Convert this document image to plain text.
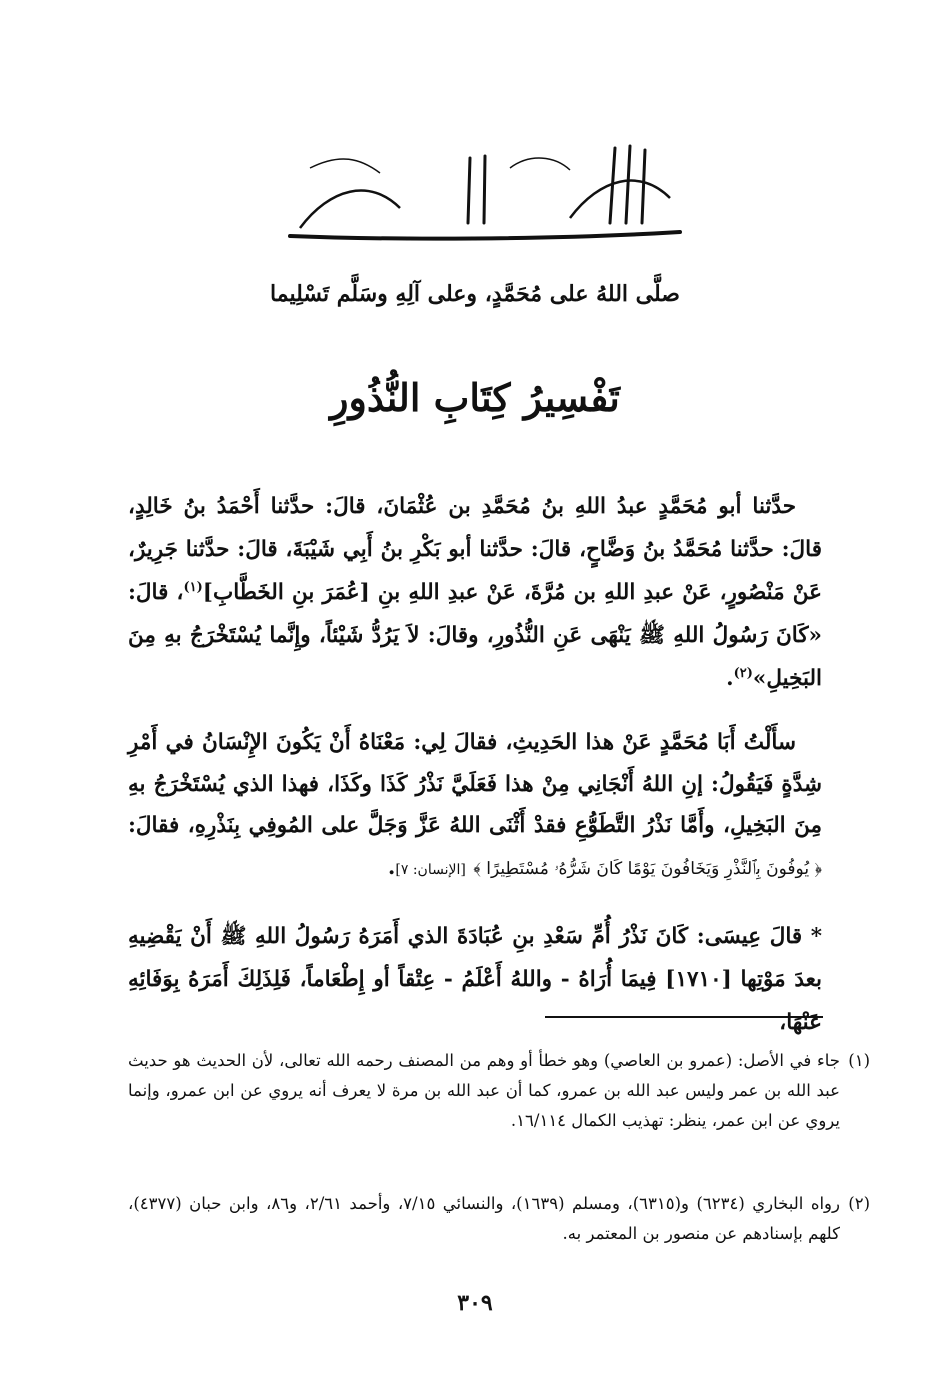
صلَّى اللهُ على مُحَمَّدٍ، وعلى آلِهِ وسَلَّم تَسْلِيما
تَفْسِيرُ كِتَابِ النُّذُورِ
حدَّثنا أبو مُحَمَّدٍ عبدُ اللهِ بنُ مُحَمَّدِ بن عُثْمَانَ، قالَ: حدَّثنا أَحْمَدُ بنُ خَالِدٍ، قالَ: حدَّثنا مُحَمَّدُ بنُ وَضَّاحٍ، قالَ: حدَّثنا أبو بَكْرِ بنُ أَبِي شَيْبَةَ، قالَ: حدَّثنا جَرِيرٌ، عَنْ مَنْصُورٍ، عَنْ عبدِ اللهِ بن مُرَّةَ، عَنْ عبدِ اللهِ بنِ [عُمَرَ بنِ الخَطَّابِ]$^{(١)}$، قالَ: «كَانَ رَسُولُ اللهِ ﷺ يَنْهَى عَنِ النُّذُورِ، وقالَ: لاَ يَرُدُّ شَيْئاً، وإِنَّما يُسْتَخْرَجُ بهِ مِنَ البَخِيلِ»$^{(٢)}$.
سأَلْتُ أَبَا مُحَمَّدٍ عَنْ هذا الحَدِيثِ، فقالَ لِي: مَعْنَاهُ أَنْ يَكُونَ الإِنْسَانُ في أَمْرِ شِدَّةٍ فَيَقُولُ: إنِ اللهُ أَنْجَانِي مِنْ هذا فَعَلَيَّ نَذْرُ كَذَا وكَذَا، فهذا الذي يُسْتَخْرَجُ بهِ مِنَ البَخِيلِ، وأَمَّا نَذْرُ التَّطَوُّعِ فقدْ أَثْنَى اللهُ عَزَّ وَجَلَّ على المُوفِي بِنَذْرِهِ، فقالَ: ﴿ يُوفُونَ بِٱلنَّذْرِ وَيَخَافُونَ يَوْمًا كَانَ شَرُّهُۥ مُسْتَطِيرًا ﴾ [الإنسان: ٧].
* قالَ عِيسَى: كَانَ نَذْرُ أُمِّ سَعْدِ بنِ عُبَادَةَ الذي أَمَرَهُ رَسُولُ اللهِ ﷺ أَنْ يَقْضِيهِ بعدَ مَوْتِها [١٧١٠] فِيمَا أُرَاهُ - واللهُ أَعْلَمُ - عِتْقاً أو إِطْعَاماً، فَلِذَلِكَ أَمَرَهُ بِوَفَائِهِ عَنْهَا،
(١)
جاء في الأصل: (عمرو بن العاصي) وهو خطأ أو وهم من المصنف رحمه الله تعالى، لأن الحديث هو حديث عبد الله بن عمر وليس عبد الله بن عمرو، كما أن عبد الله بن مرة لا يعرف أنه يروي عن ابن عمرو، وإنما يروي عن ابن عمر، ينظر: تهذيب الكمال ١٦/١١٤.
(٢)
رواه البخاري (٦٢٣٤) و(٦٣١٥)، ومسلم (١٦٣٩)، والنسائي ٧/١٥، وأحمد ٢/٦١، و٨٦، وابن حبان (٤٣٧٧)، كلهم بإسنادهم عن منصور بن المعتمر به.
٣٠٩
